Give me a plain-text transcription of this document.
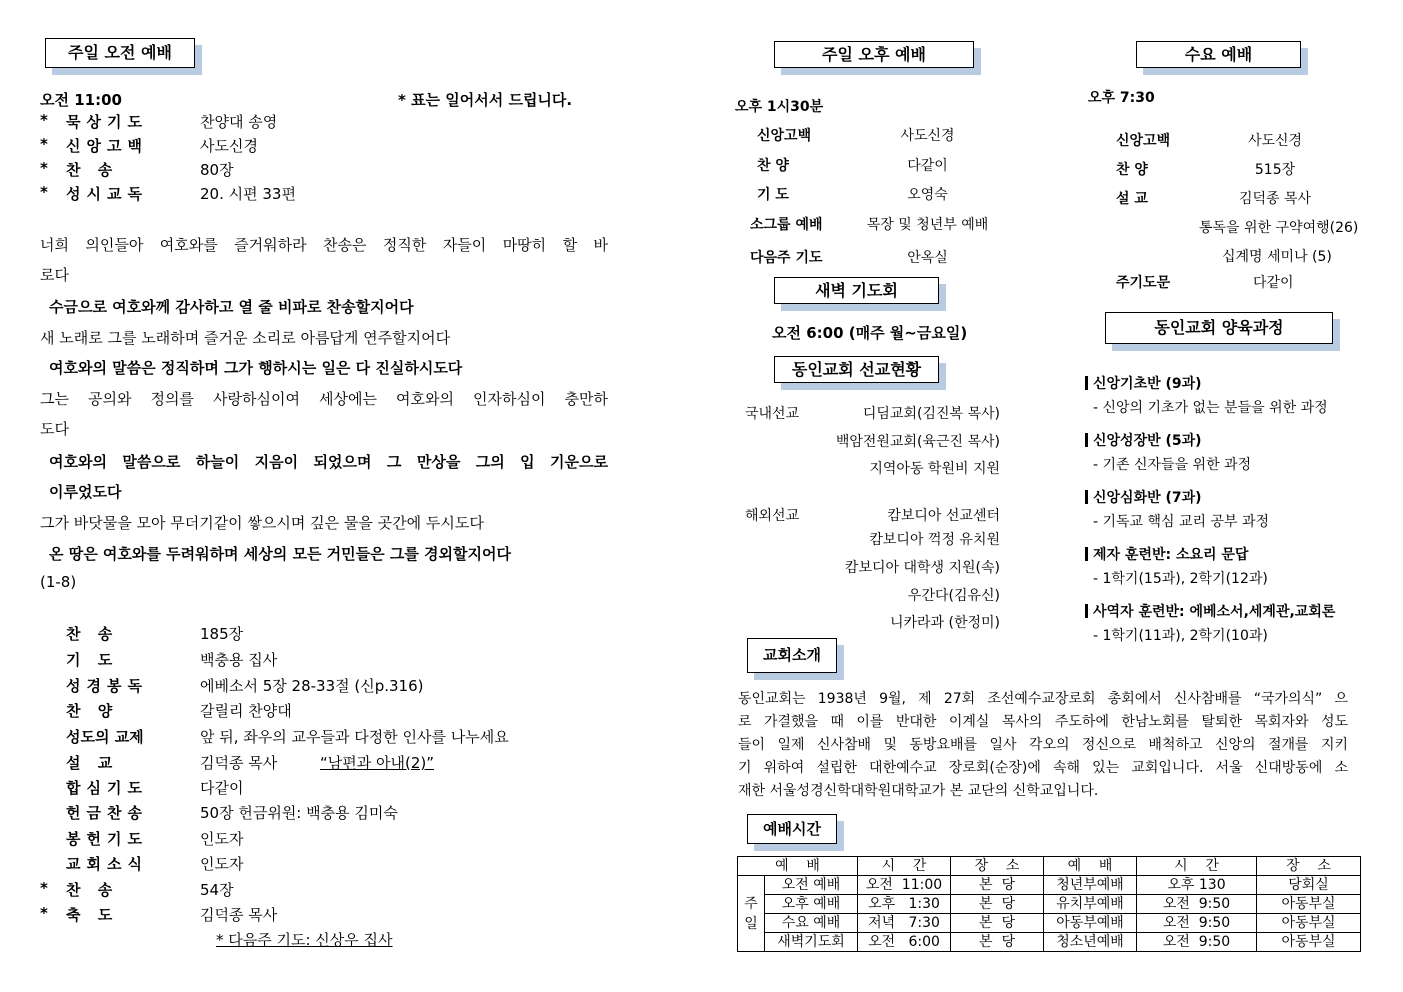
주일 오전 예배
오전 11:00	* 표는 일어서서 드립니다.
* 묵상기도	찬양대 송영
* 신앙고백	사도신경
* 찬 송	80장
* 성시교독	20. 시편 33편
너희 의인들아 여호와를 즐거워하라 찬송은 정직한 자들이 마땅히 할 바
로다
수금으로 여호와께 감사하고 열 줄 비파로 찬송할지어다
새 노래로 그를 노래하며 즐거운 소리로 아름답게 연주할지어다
여호와의 말씀은 정직하며 그가 행하시는 일은 다 진실하시도다
그는 공의와 정의를 사랑하심이여 세상에는 여호와의 인자하심이 충만하
도다
여호와의 말씀으로 하늘이 지음이 되었으며 그 만상을 그의 입 기운으로
이루었도다
그가 바닷물을 모아 무더기같이 쌓으시며 깊은 물을 곳간에 두시도다
온 땅은 여호와를 두려워하며 세상의 모든 거민들은 그를 경외할지어다
(1-8)
찬 송	185장
기 도	백충용 집사
성경봉독	에베소서 5장 28-33절 (신p.316)
찬 양	갈릴리 찬양대
성도의 교제	앞 뒤, 좌우의 교우들과 다정한 인사를 나누세요
설 교	김덕종 목사
합심기도	다같이
헌금찬송	50장 헌금위원: 백충용 김미숙
봉헌기도	인도자
교회소식	인도자
* 찬 송	54장
* 축 도	김덕종 목사
“남편과 아내(2)”
* 다음주 기도: 신상우 집사
주일 오후 예배
오후 1시30분
신앙고백	사도신경
찬 양	다같이
기 도	오영숙
소그룹 예배	목장 및 청년부 예배
다음주 기도	안옥실
새벽 기도회
오전 6:00 (매주 월~금요일)
동인교회 선교현황
국내선교	디딤교회(김진복 목사)
백암전원교회(육근진 목사)
지역아동 학원비 지원
해외선교	캄보디아 선교센터
캄보디아 꺽정 유치원
캄보디아 대학생 지원(속)
우간다(김유신)
니카라과 (한정미)
수요 예배
오후 7:30
신앙고백	사도신경
찬 양	515장
설 교	김덕종 목사
통독을 위한 구약여행(26)
십계명 세미나 (5)
주기도문	다같이
동인교회 양육과정
신앙기초반 (9과)
- 신앙의 기초가 없는 분들을 위한 과정
신앙성장반 (5과)
- 기존 신자들을 위한 과정
신앙심화반 (7과)
- 기독교 핵심 교리 공부 과정
제자 훈련반: 소요리 문답
- 1학기(15과), 2학기(12과)
사역자 훈련반: 에베소서,세계관,교회론
- 1학기(11과), 2학기(10과)
교회소개
동인교회는 1938년 9월, 제 27회 조선예수교장로회 총회에서 신사참배를 “국가의식” 으
로 가결했을 때 이를 반대한 이계실 목사의 주도하에 한남노회를 탈퇴한 목회자와 성도
들이 일제 신사참배 및 동방요배를 일사 각오의 정신으로 배척하고 신앙의 절개를 지키
기 위하여 설립한 대한예수교 장로회(순장)에 속해 있는 교회입니다. 서울 신대방동에 소
재한 서울성경신학대학원대학교가 본 교단의 신학교입니다.
예배시간
예    배		시    간	장    소	예    배	시    간	장    소
주
일	오전 예배	오전  11:00	본  당	청년부예배	오후 130	당회실
	오후 예배	오후   1:30	본  당	유치부예배	오전  9:50	아동부실
	수요 예배	저녁   7:30	본  당	아동부예배	오전  9:50	아동부실
	새벽기도회	오전   6:00	본  당	청소년예배	오전  9:50	아동부실
